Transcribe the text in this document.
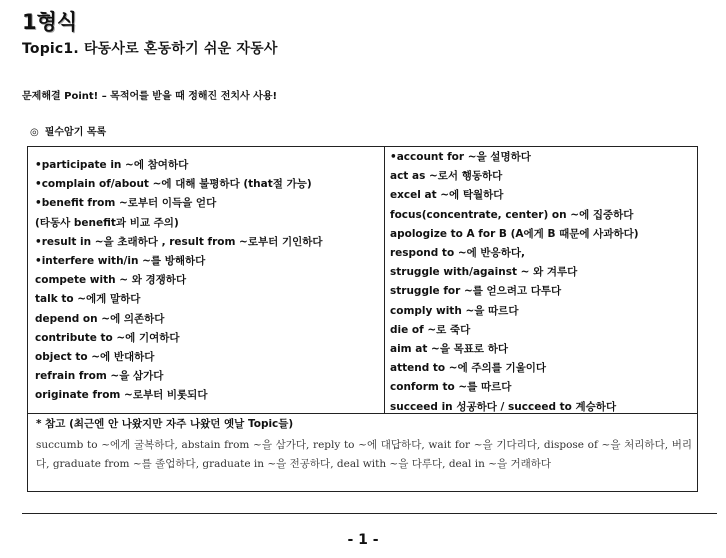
1형식
Topic1. 타동사로 혼동하기 쉬운 자동사
문제해결 Point! – 목적어를 받을 때 정해진 전치사 사용!
◎ 필수암기 목록
•participate in ~에 참여하다
•complain of/about ~에 대해 불평하다 (that절 가능)
•benefit from ~로부터 이득을 얻다
(타동사 benefit과 비교 주의)
•result in ~을 초래하다 , result from ~로부터 기인하다
•interfere with/in ~를 방해하다
compete with ~ 와 경쟁하다
talk to ~에게 말하다
depend on ~에 의존하다
contribute to ~에 기여하다
object to ~에 반대하다
refrain from ~을 삼가다
originate from ~로부터 비롯되다
•account for ~을 설명하다
act as ~로서 행동하다
excel at ~에 탁월하다
focus(concentrate, center) on ~에 집중하다
apologize to A for B (A에게 B 때문에 사과하다)
respond to ~에 반응하다,
struggle with/against ~ 와 겨루다
struggle for ~를 얻으려고 다투다
comply with ~을 따르다
die of ~로 죽다
aim at ~을 목표로 하다
attend to ~에 주의를 기울이다
conform to ~를 따르다
succeed in 성공하다 / succeed to 계승하다
* 참고 (최근엔 안 나왔지만 자주 나왔던 옛날 Topic들)
succumb to ~에게 굴복하다, abstain from ~을 삼가다, reply to ~에 대답하다, wait for ~을 기다리다, dispose of ~을 처리하다, 버리다, graduate from ~를 졸업하다, graduate in ~을 전공하다, deal with ~을 다루다, deal in ~을 거래하다
- 1 -
